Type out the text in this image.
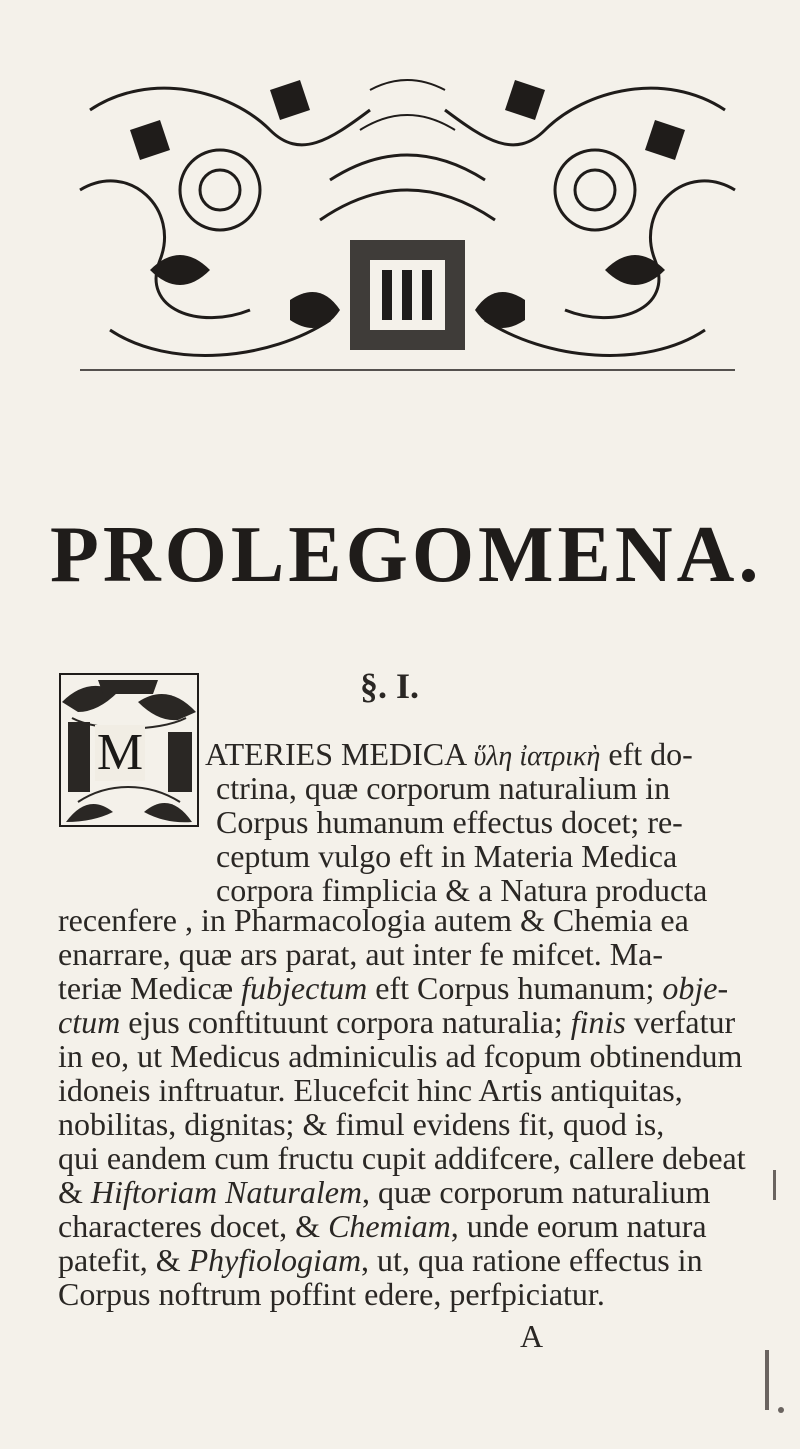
PROLEGOMENA.
§. I.
M ATERIES MEDICA ὕλη ἰατρικὴ eft do-
ctrina, quæ corporum naturalium in
Corpus humanum effectus docet; re-
ceptum vulgo eft in Materia Medica
corpora fimplicia & a Natura producta
recenfere , in Pharmacologia autem & Chemia ea
enarrare, quæ ars parat, aut inter fe mifcet. Ma-
teriæ Medicæ fubjectum eft Corpus humanum; obje-
ctum ejus conftituunt corpora naturalia; finis verfatur
in eo, ut Medicus adminiculis ad fcopum obtinendum
idoneis inftruatur. Elucefcit hinc Artis antiquitas,
nobilitas, dignitas; & fimul evidens fit, quod is,
qui eandem cum fructu cupit addifcere, callere debeat
& Hiftoriam Naturalem, quæ corporum naturalium
characteres docet, & Chemiam, unde eorum natura
patefit, & Phyfiologiam, ut, qua ratione effectus in
Corpus noftrum poffint edere, perfpiciatur.
A
